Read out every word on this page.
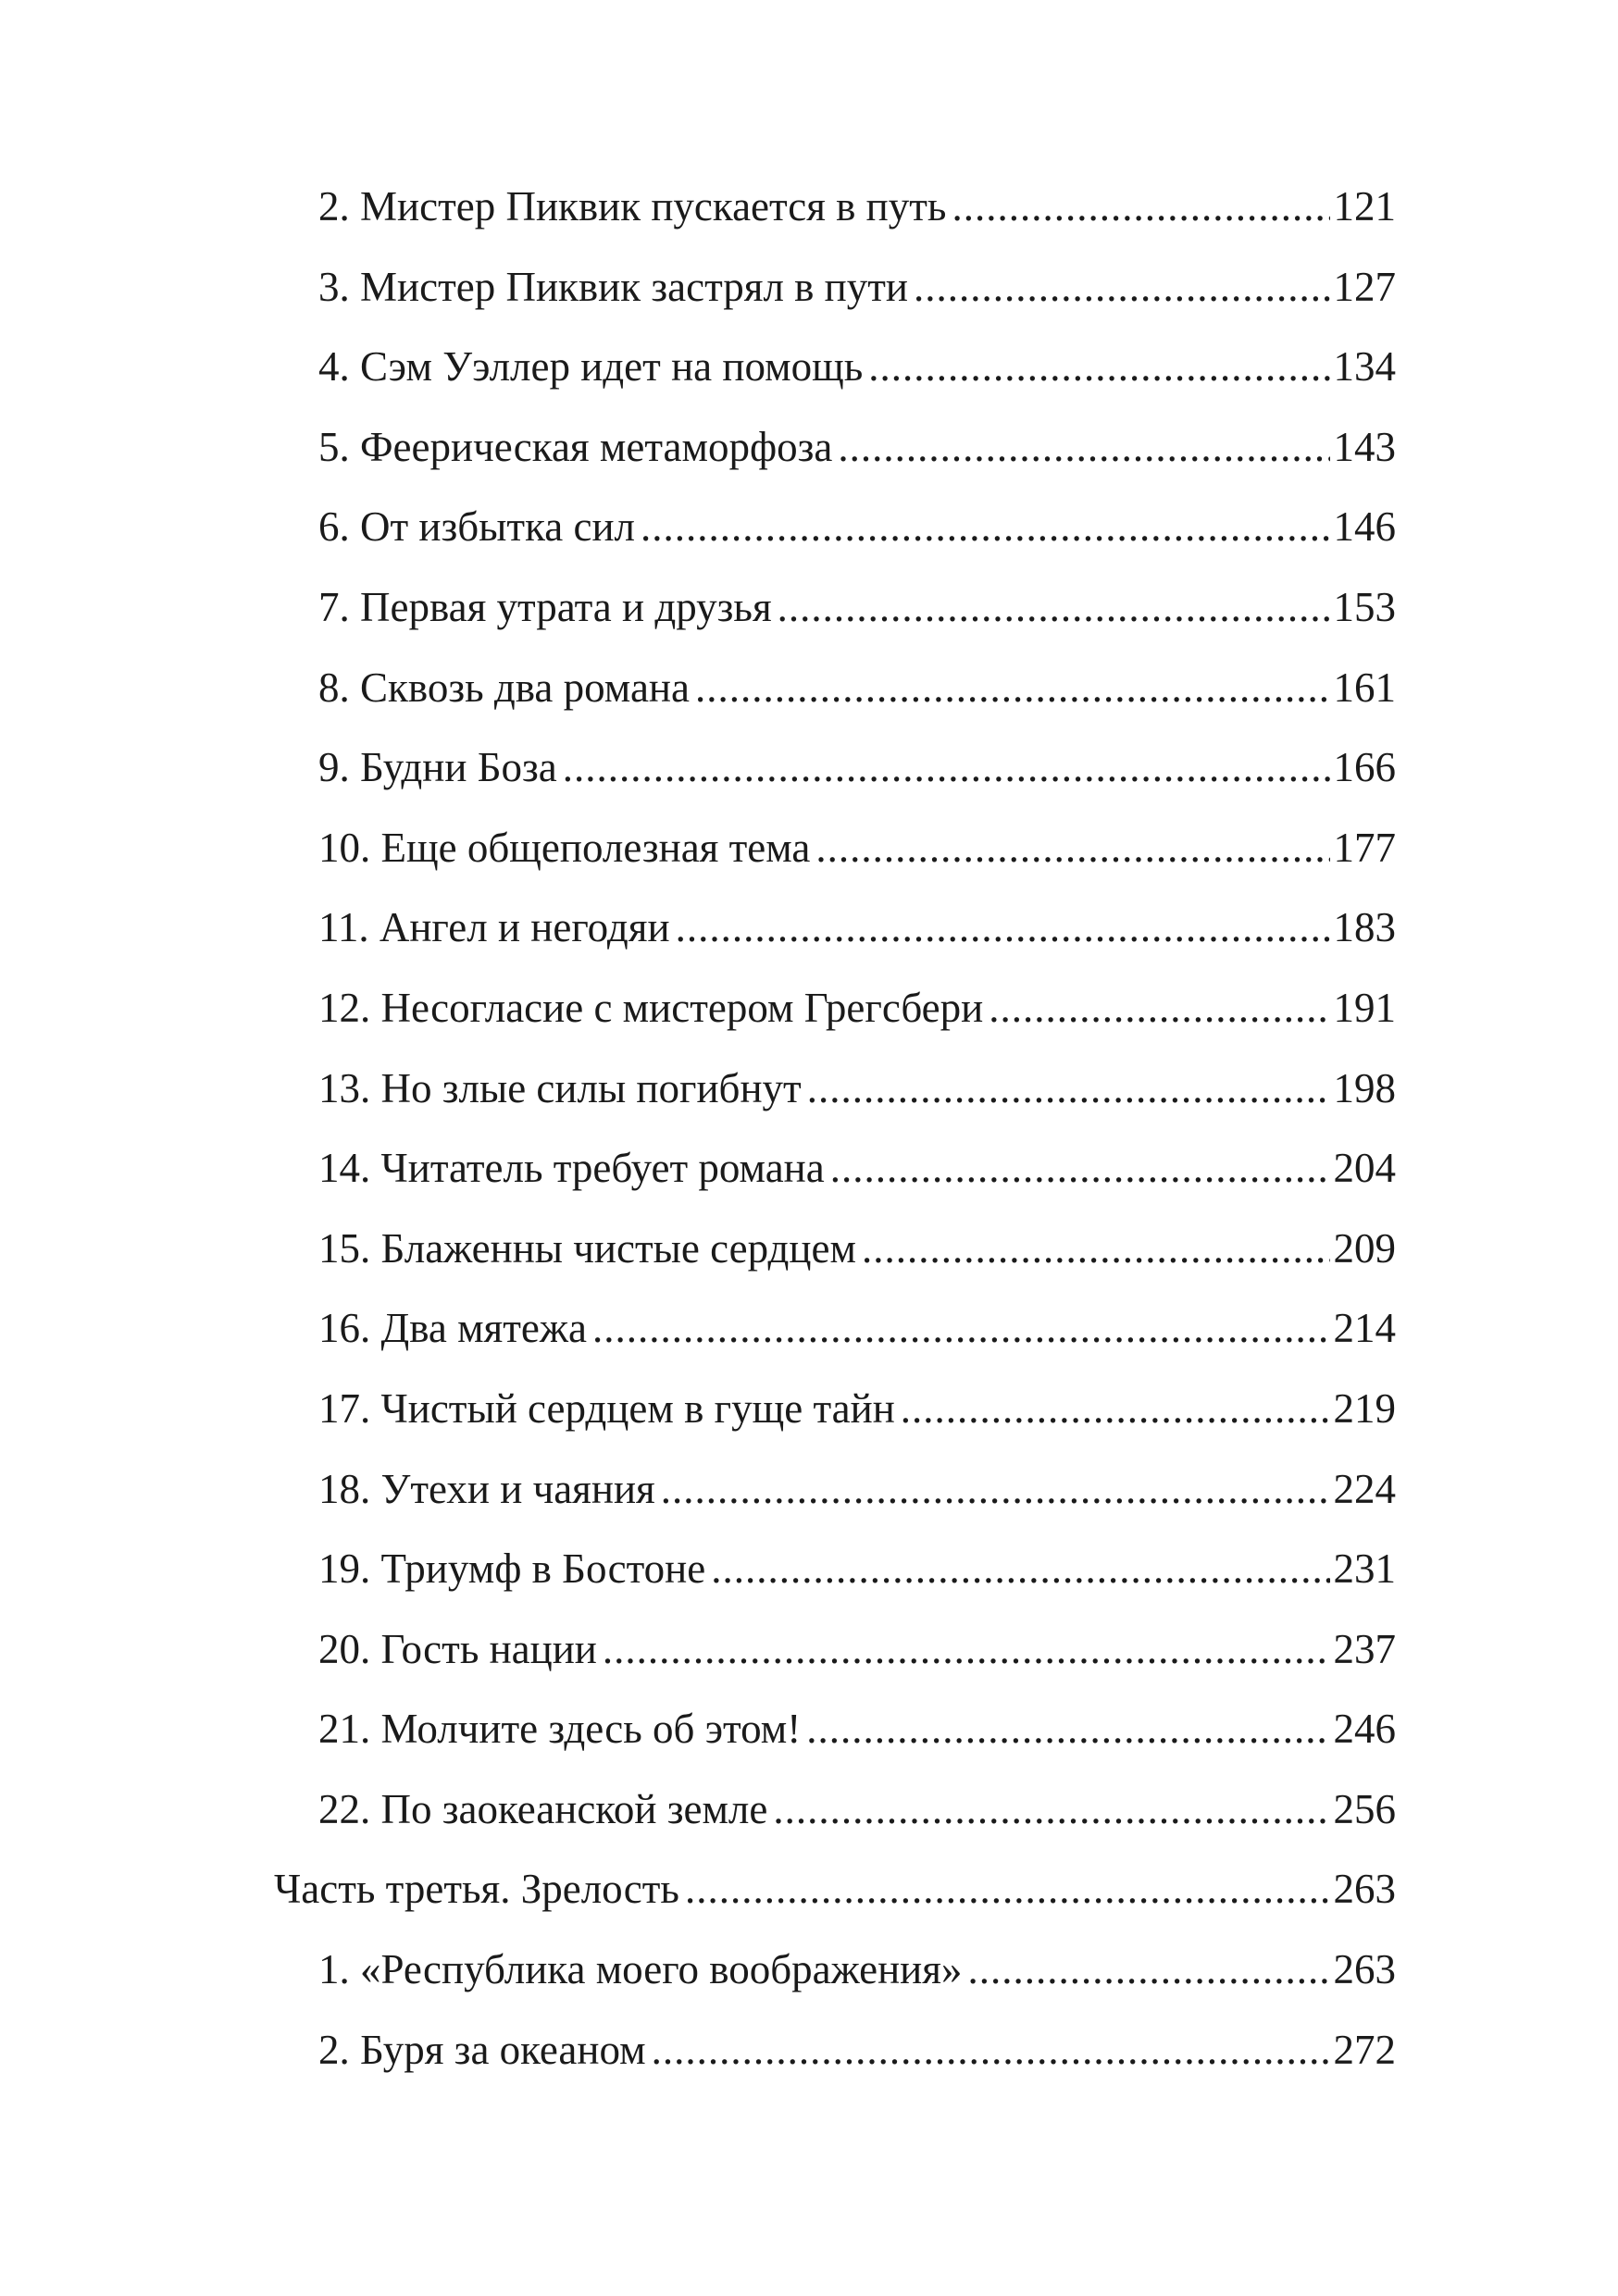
2. Мистер Пиквик пускается в путь .....	121
3. Мистер Пиквик застрял в пути .....	127
4. Сэм Уэллер идет на помощь .....	134
5. Феерическая метаморфоза .....	143
6. От избытка сил .....	146
7. Первая утрата и друзья .....	153
8. Сквозь два романа .....	161
9. Будни Боза .....	166
10. Еще общеполезная тема .....	177
11. Ангел и негодяи .....	183
12. Несогласие с мистером Грегсбери .....	191
13. Но злые силы погибнут .....	198
14. Читатель требует романа .....	204
15. Блаженны чистые сердцем .....	209
16. Два мятежа .....	214
17. Чистый сердцем в гуще тайн .....	219
18. Утехи и чаяния .....	224
19. Триумф в Бостоне .....	231
20. Гость нации .....	237
21. Молчите здесь об этом! .....	246
22. По заокеанской земле .....	256
Часть третья. Зрелость .....	263
1. «Республика моего воображения» .....	263
2. Буря за океаном .....	272
